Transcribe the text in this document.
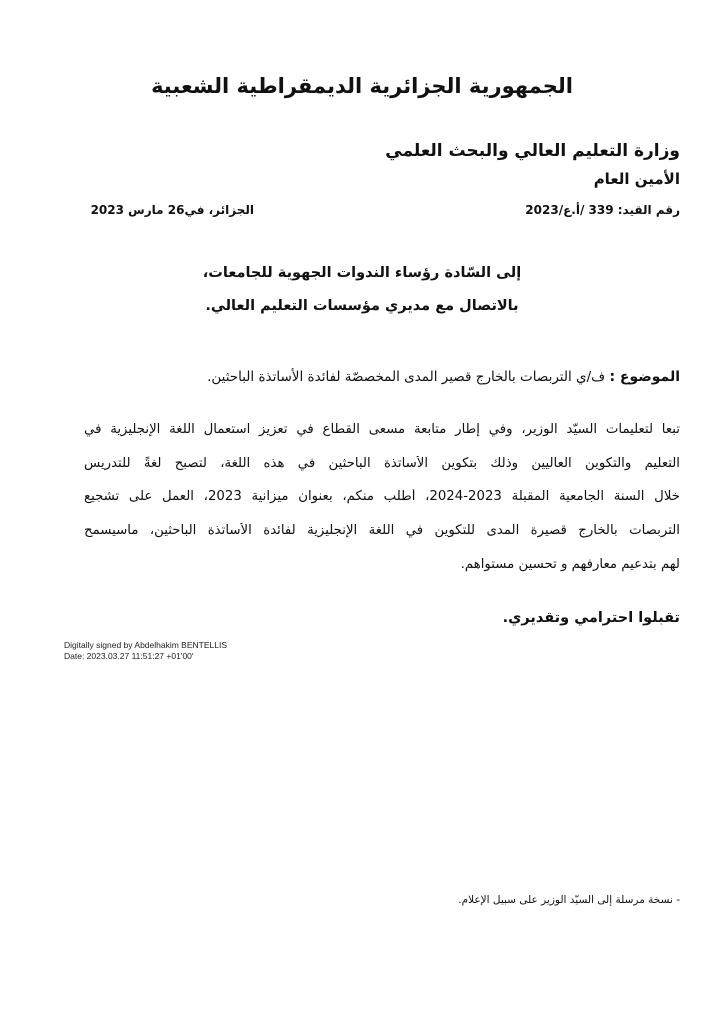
الجمهورية الجزائرية الديمقراطية الشعبية
وزارة التعليم العالي والبحث العلمي
الأمين العام
رقم القيد: 339 /أ.ع/2023
الجزائر، في26 مارس 2023
إلى السّادة رؤساء الندوات الجهوية للجامعات،
بالاتصال مع مديري مؤسسات التعليم العالي.
الموضوع : ف/ي التربصات بالخارج قصير المدى المخصصّة لفائدة الأساتذة الباحثين.
تبعا لتعليمات السيّد الوزير، وفي إطار متابعة مسعى القطاع في تعزيز استعمال اللغة الإنجليزية في
التعليم والتكوين العاليين وذلك بتكوين الأساتذة الباحثين في هذه اللغة، لتصبح لغةً للتدريس
خلال السنة الجامعية المقبلة 2023-2024، أطلب منكم، بعنوان ميزانية 2023، العمل على تشجيع
التربصات بالخارج قصيرة المدى للتكوين في اللغة الإنجليزية لفائدة الأساتذة الباحثين، ماسيسمح
لهم بتدعيم معارفهم و تحسين مستواهم.
تقبلوا احترامي وتقديري.
Digitally signed by Abdelhakim BENTELLIS
Date: 2023.03.27 11:51:27 +01'00'
- نسخة مرسلة إلى السيّد الوزير على سبيل الإعلام.
